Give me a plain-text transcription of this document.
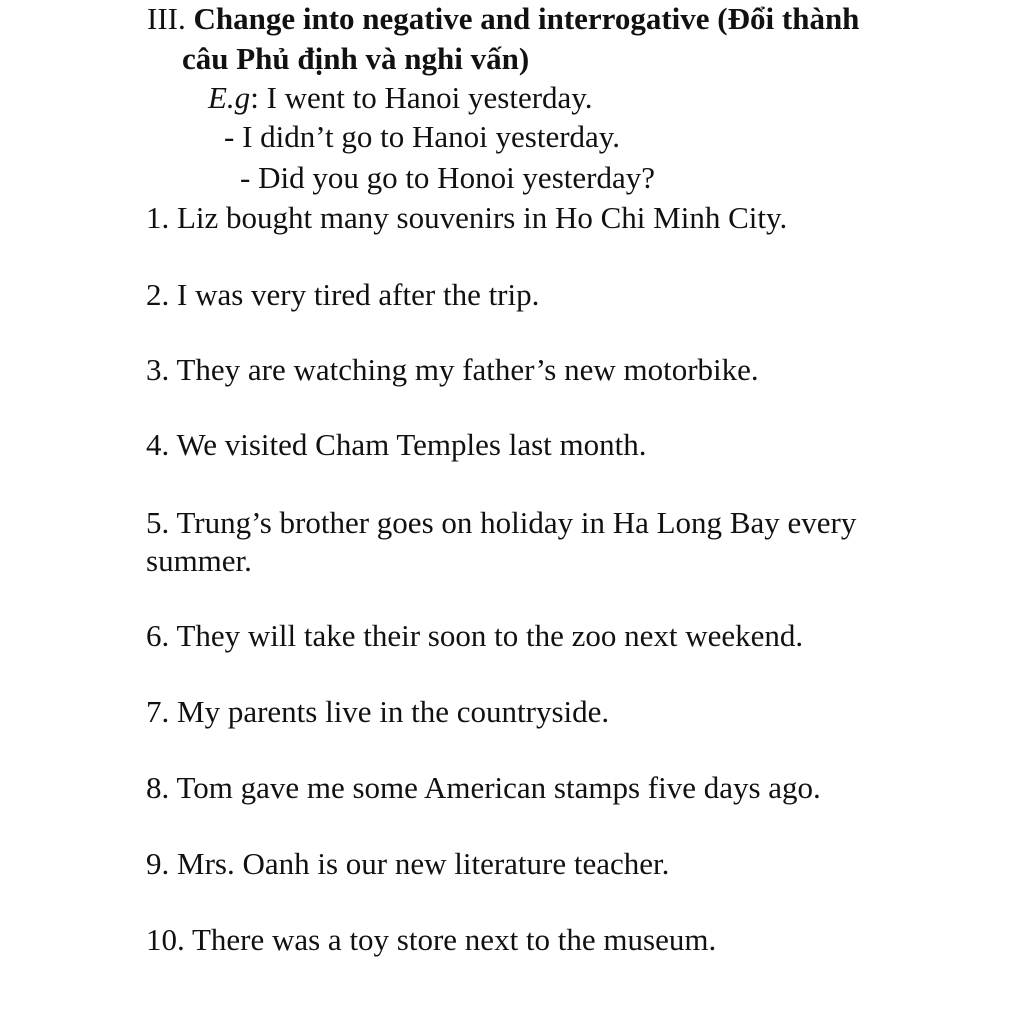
III. Change into negative and interrogative (Đổi thành
câu Phủ định và nghi vấn)
E.g: I went to Hanoi yesterday.
- I didn’t go to Hanoi yesterday.
- Did you go to Honoi yesterday?
1. Liz bought many souvenirs in Ho Chi Minh City.
2. I was very tired after the trip.
3. They are watching my father’s new motorbike.
4. We visited Cham Temples last month.
5. Trung’s brother goes on holiday in Ha Long Bay every
summer.
6. They will take their soon to the zoo next weekend.
7. My parents live in the countryside.
8. Tom gave me some American stamps five days ago.
9. Mrs. Oanh is our new literature teacher.
10. There was a toy store next to the museum.
